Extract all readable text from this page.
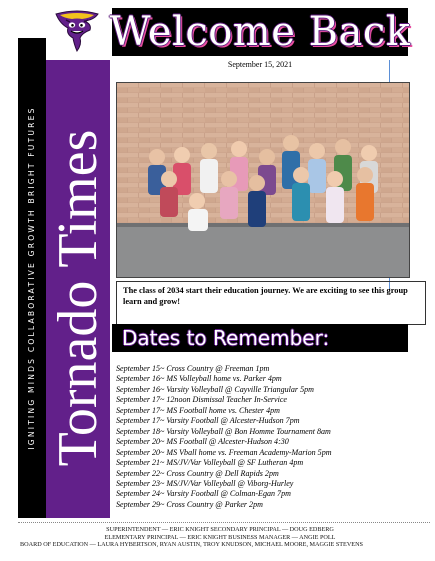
IGNITING MINDS COLLABORATIVE GROWTH BRIGHT FUTURES
Welcome Back
September 15, 2021
Tornado Times	The class of 2034 start their education journey. We are exciting to see this group learn and grow!
Dates to Remember:
September 15~ Cross Country @ Freeman 1pm
September 16~ MS Volleyball home vs. Parker 4pm
September 16~ Varsity Volleyball @ Cayville Triangular 5pm
September 17~ 12noon Dismissal Teacher In-Service
September 17~ MS Football home vs. Chester 4pm
September 17~ Varsity Football @ Alcester-Hudson 7pm
September 18~ Varsity Volleyball @ Bon Homme Tournament 8am
September 20~ MS Football @ Alcester-Hudson 4:30
September 20~ MS Vball home vs. Freeman Academy-Marion 5pm
September 21~ MS/JV/Var Volleyball @ SF Lutheran 4pm
September 22~ Cross Country @ Dell Rapids 2pm
September 23~ MS/JV/Var Volleyball @ Viborg-Hurley
September 24~ Varsity Football @ Colman-Egan 7pm
September 29~ Cross Country @ Parker 2pm
SUPERINTENDENT — ERIC KNIGHT SECONDARY PRINCIPAL — DOUG EDBERG
ELEMENTARY PRINCIPAL — ERIC KNIGHT BUSINESS MANAGER — ANGIE POLL
BOARD OF EDUCATION — LAURA HYBERTSON, RYAN AUSTIN, TROY KNUDSON, MICHAEL MOORE, MAGGIE STEVENS
